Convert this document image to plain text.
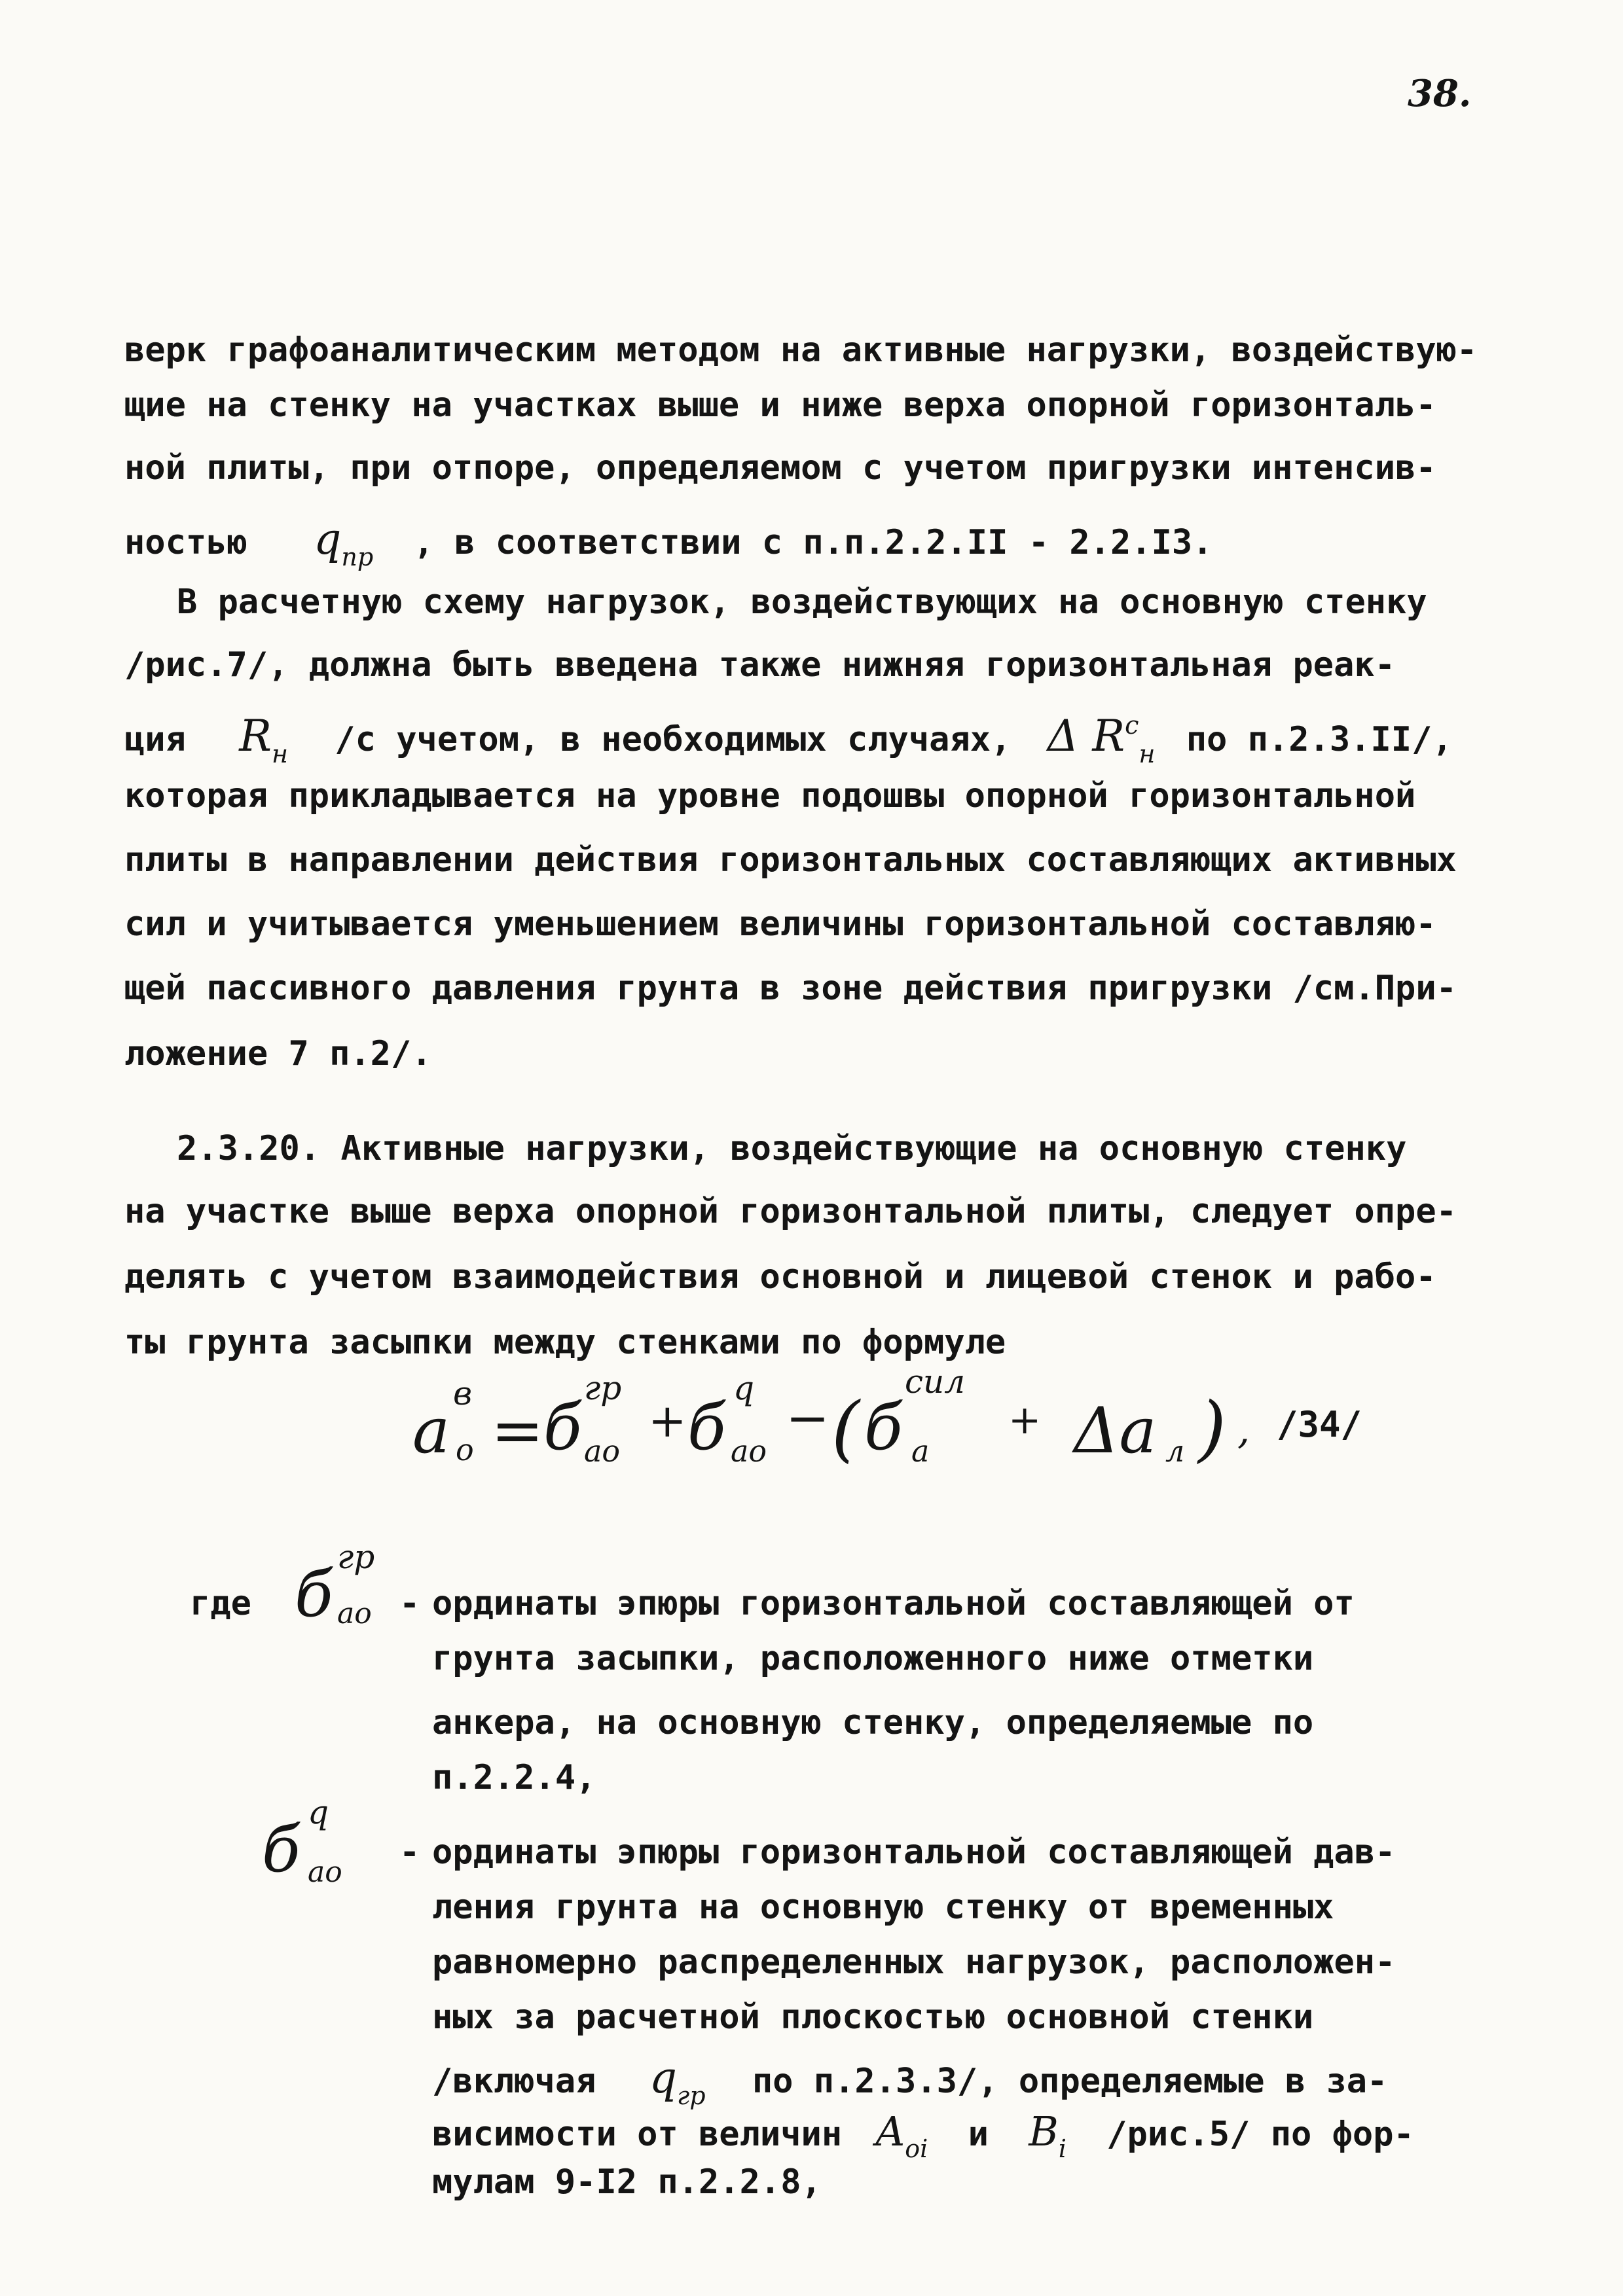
38.
верк графоаналитическим методом на активные нагрузки, воздействую-
щие на стенку на участках выше и ниже верха опорной горизонталь-
ной плиты, при отпоре, определяемом с учетом пригрузки интенсив-
ностью $q_{пр}$ , в соответствии с п.п.2.2.II - 2.2.I3.
В расчетную схему нагрузок, воздействующих на основную стенку
/рис.7/, должна быть введена также нижняя горизонтальная реак-
ция $R_н$ /с учетом, в необходимых случаях, Δ $R^с_н$ по п.2.3.II/,
которая прикладывается на уровне подошвы опорной горизонтальной
плиты в направлении действия горизонтальных составляющих активных
сил и учитывается уменьшением величины горизонтальной составляю-
щей пассивного давления грунта в зоне действия пригрузки /см.При-
ложение 7 п.2/.
2.3.20. Активные нагрузки, воздействующие на основную стенку
на участке выше верха опорной горизонтальной плиты, следует опре-
делять с учетом взаимодействия основной и лицевой стенок и рабо-
ты грунта засыпки между стенками по формуле
a
в
o = б
гр
ao
+ б
q
ao
− ( б
сил
a
+ Δa л ) , /34/
где б
гр
ao - ординаты эпюры горизонтальной составляющей от
грунта засыпки, расположенного ниже отметки
анкера, на основную стенку, определяемые по
п.2.2.4,
б
q
ao
- ординаты эпюры горизонтальной составляющей дав-
ления грунта на основную стенку от временных
равномерно распределенных нагрузок, расположен-
ных за расчетной плоскостью основной стенки
/включая $q_{гр}$ по п.2.3.3/, определяемые в за-
висимости от величин $A_{oi}$ и $B_i$ /рис.5/ по фор-
мулам 9-I2 п.2.2.8,
